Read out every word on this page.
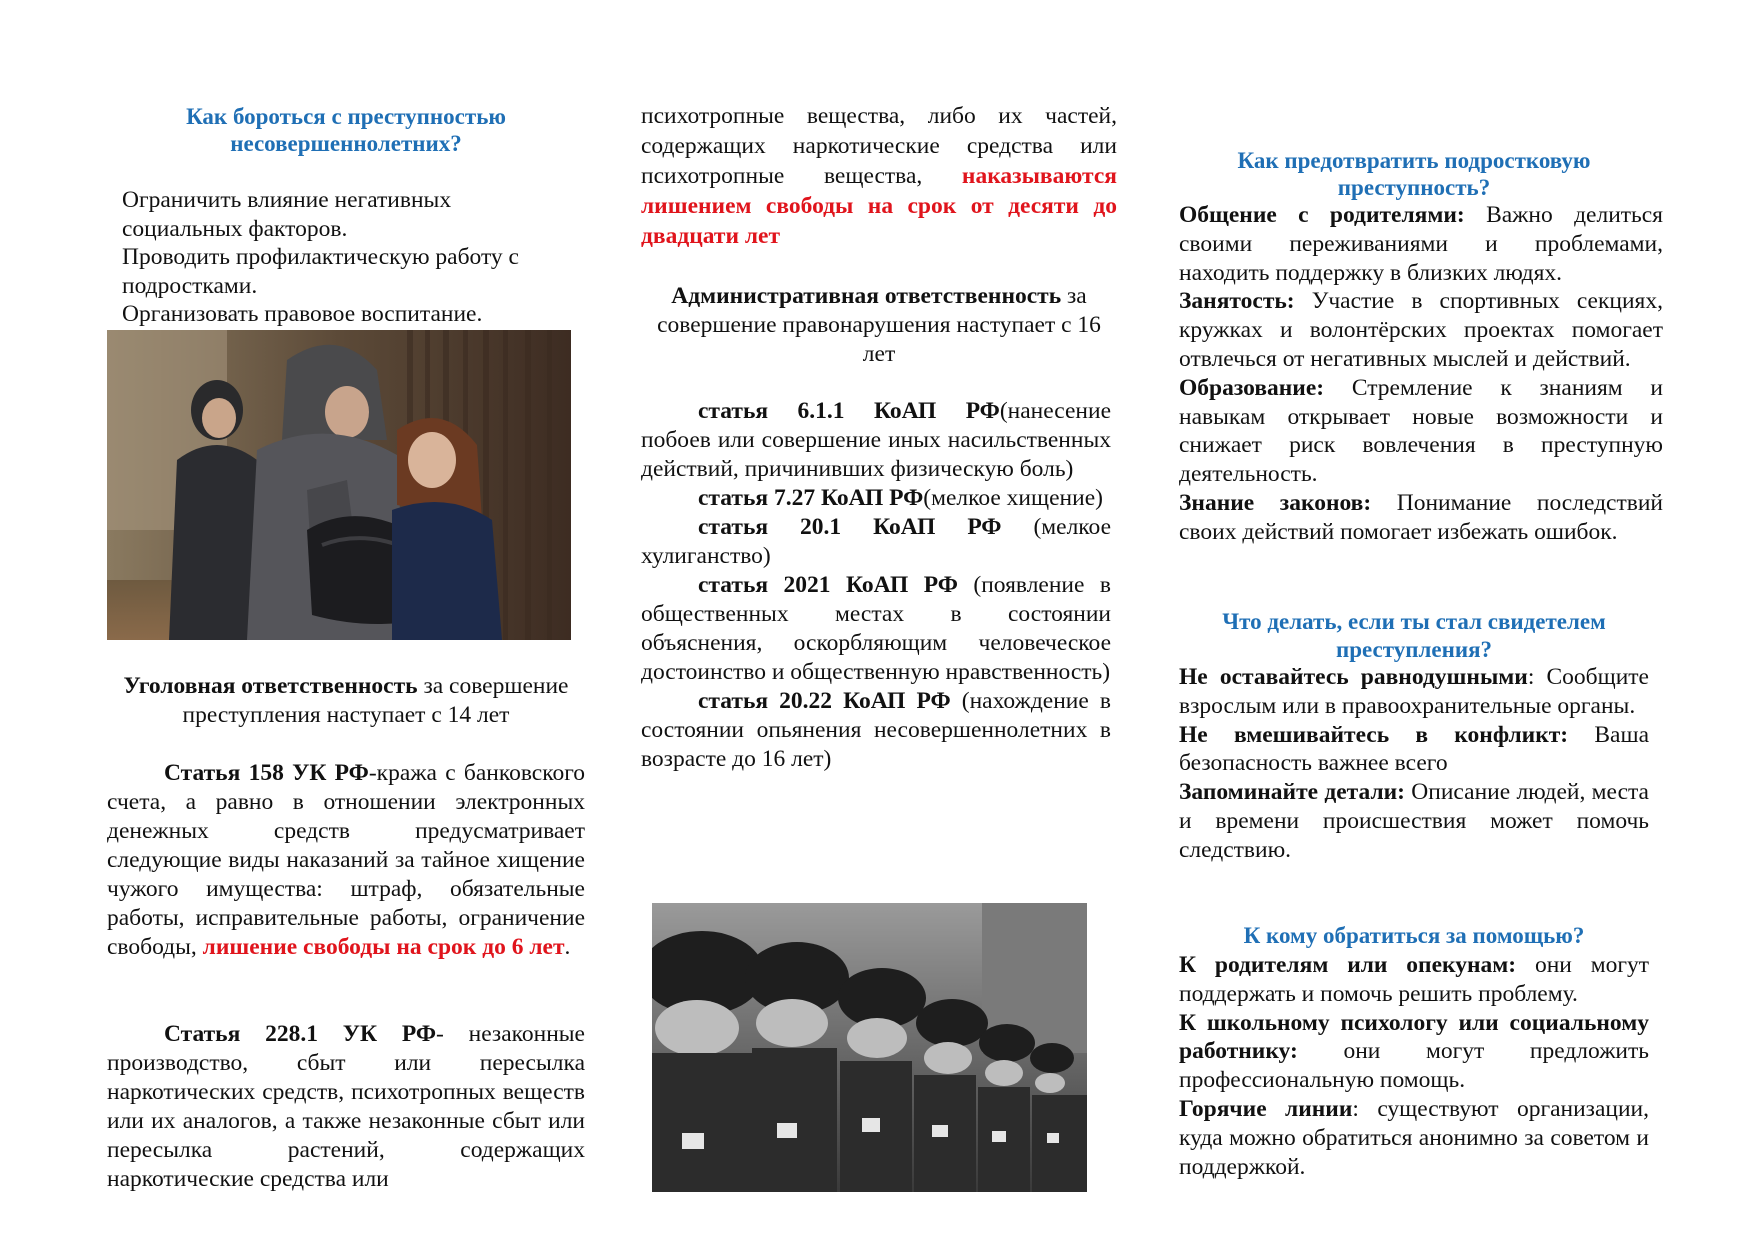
Как бороться с преступностью несовершеннолетних?
Ограничить влияние негативных социальных факторов.
Проводить профилактическую работу с подростками.
Организовать правовое воспитание.
Уголовная ответственность за совершение преступления наступает с 14 лет

Статья 158 УК РФ-кража с банковского счета, а равно в отношении электронных денежных средств предусматривает следующие виды наказаний за тайное хищение чужого имущества: штраф, обязательные работы, исправительные работы, ограничение свободы, лишение свободы на срок до 6 лет.

Статья 228.1 УК РФ- незаконные производство, сбыт или пересылка наркотических средств, психотропных веществ или их аналогов, а также незаконные сбыт или пересылка растений, содержащих наркотические средства или

психотропные вещества, либо их частей, содержащих наркотические средства или психотропные вещества, наказываются лишением свободы на срок от десяти до двадцати лет

Административная ответственность за совершение правонарушения наступает с 16 лет

статья 6.1.1 КоАП РФ(нанесение побоев или совершение иных насильственных действий, причинивших физическую боль)

статья 7.27 КоАП РФ(мелкое хищение)

статья 20.1 КоАП РФ (мелкое хулиганство)

статья 2021 КоАП РФ (появление в общественных местах в состоянии объяснения, оскорбляющим человеческое достоинство и общественную нравственность)

статья 20.22 КоАП РФ (нахождение в состоянии опьянения несовершеннолетних в возрасте до 16 лет)

Как предотвратить подростковую преступность?

Общение с родителями: Важно делиться своими переживаниями и проблемами, находить поддержку в близких людях.

Занятость: Участие в спортивных секциях, кружках и волонтёрских проектах помогает отвлечься от негативных мыслей и действий.

Образование: Стремление к знаниям и навыкам открывает новые возможности и снижает риск вовлечения в преступную деятельность.

Знание законов: Понимание последствий своих действий помогает избежать ошибок.

Что делать, если ты стал свидетелем преступления?

Не оставайтесь равнодушными: Сообщите взрослым или в правоохранительные органы.

Не вмешивайтесь в конфликт: Ваша безопасность важнее всего

Запоминайте детали: Описание людей, места и времени происшествия может помочь следствию.

К кому обратиться за помощью?

К родителям или опекунам: они могут поддержать и помочь решить проблему.

К школьному психологу или социальному работнику: они могут предложить профессиональную помощь.

Горячие линии: существуют организации, куда можно обратиться анонимно за советом и поддержкой.
